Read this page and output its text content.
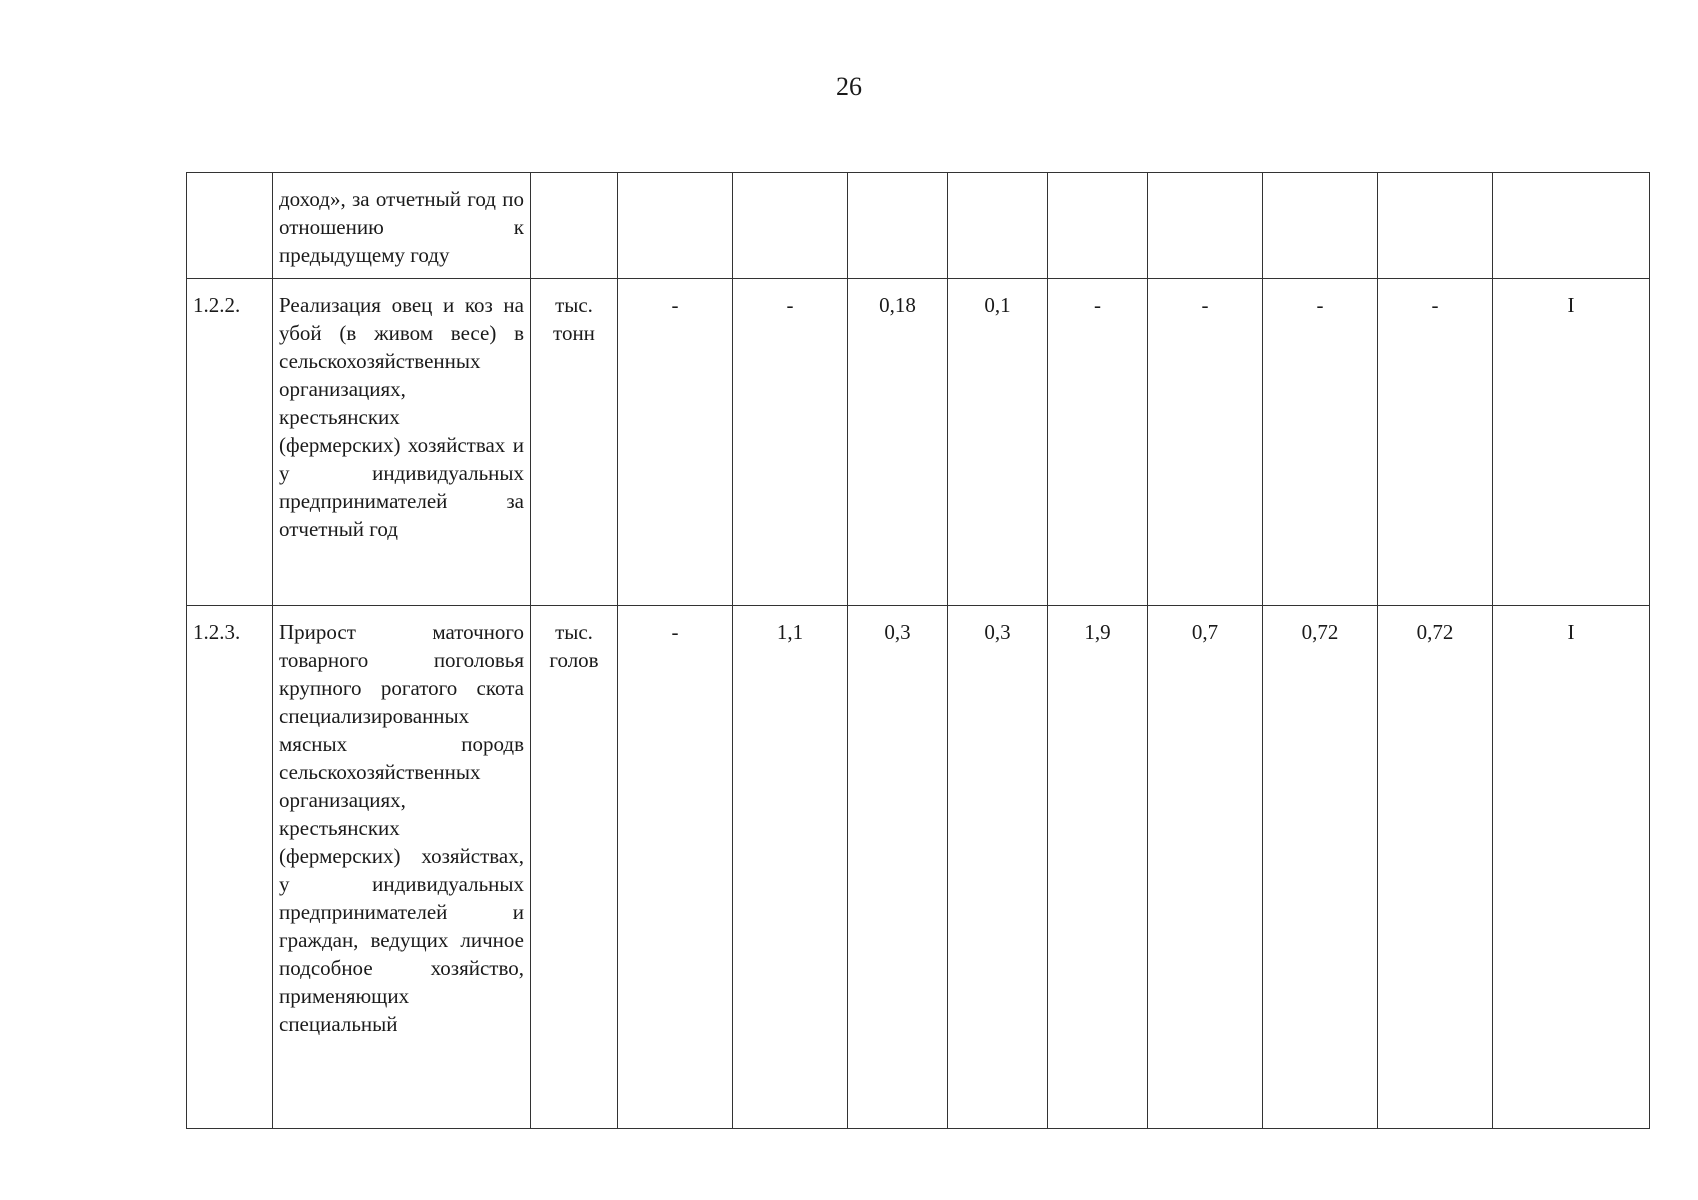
26
	доход», за отчетный год по отношению к предыдущему году										
1.2.2.	Реализация овец и коз на убой (в живом весе) в сельскохозяйственных организациях, крестьянских (фермерских) хозяйствах и у индивидуальных предпринимателей за отчетный год	тыс. тонн	-	-	0,18	0,1	-	-	-	-	I
1.2.3.	Прирост маточного товарного поголовья крупного рогатого скота специализированных мясных породв сельскохозяйственных организациях, крестьянских (фермерских) хозяйствах, у индивидуальных предпринимателей и граждан, ведущих личное подсобное хозяйство, применяющих специальный	тыс. голов	-	1,1	0,3	0,3	1,9	0,7	0,72	0,72	I
